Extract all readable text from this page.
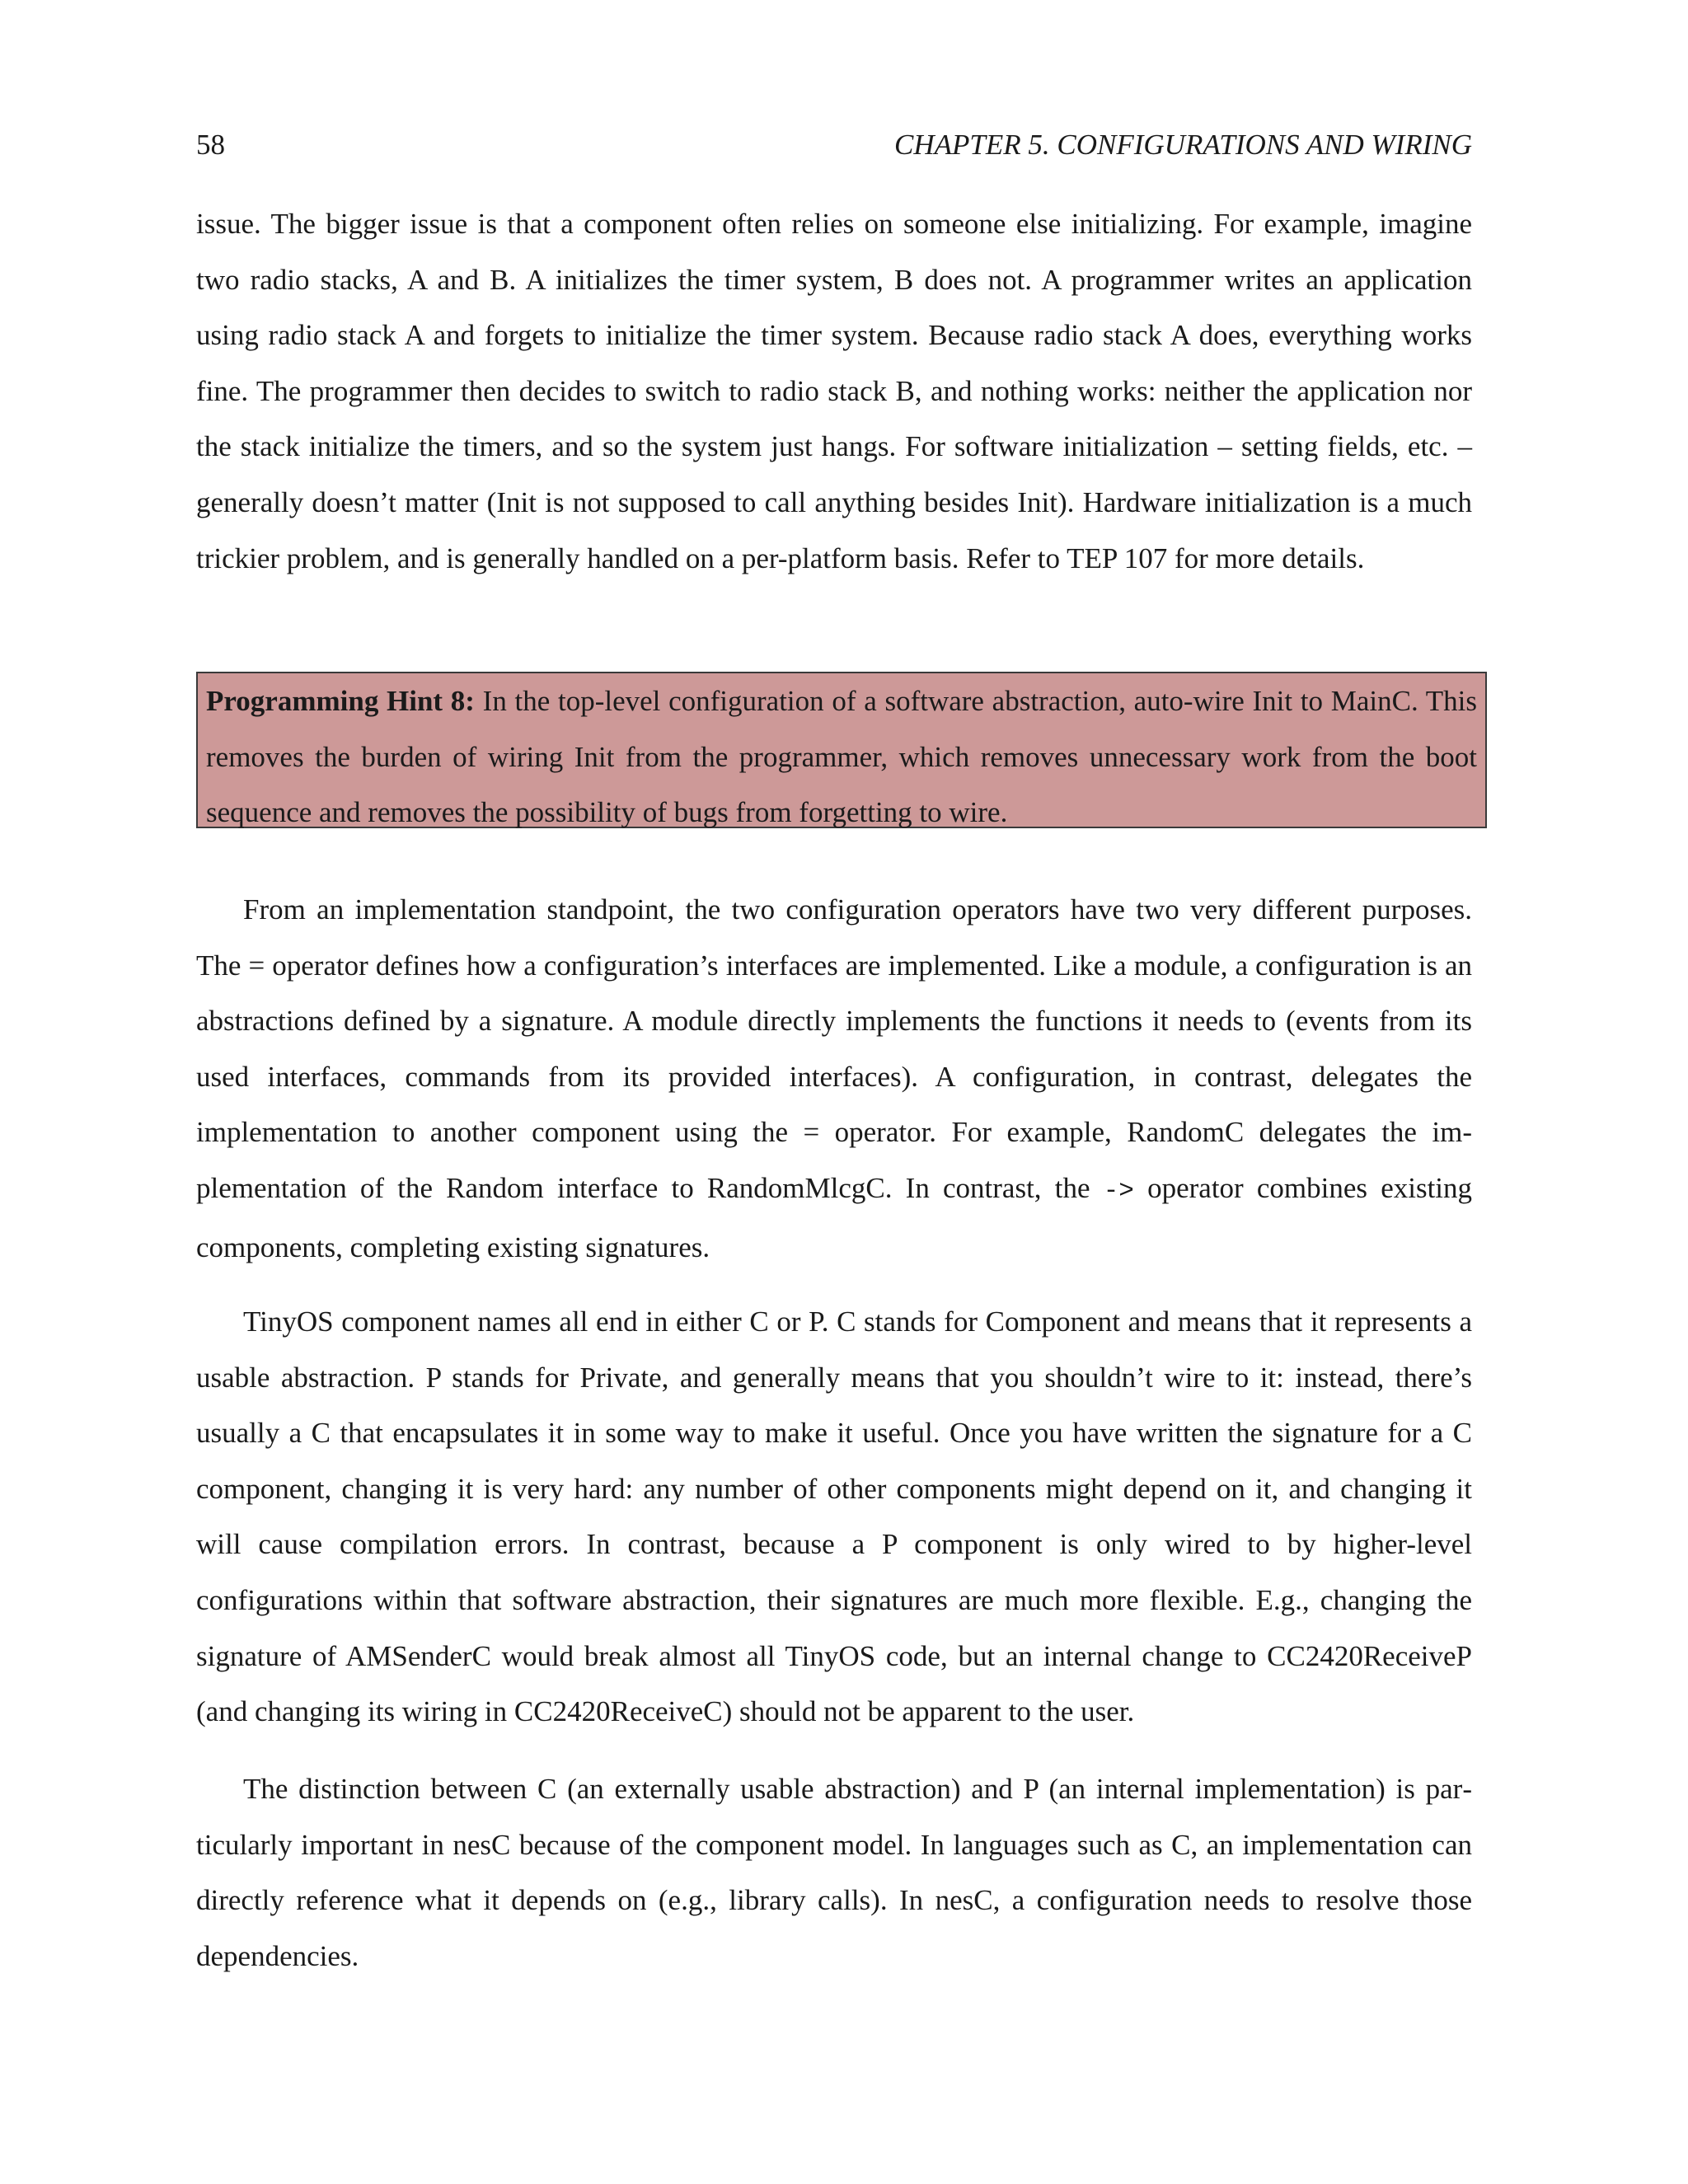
58	CHAPTER 5. CONFIGURATIONS AND WIRING

issue. The bigger issue is that a component often relies on someone else initializing. For example, imagine two radio stacks, A and B. A initializes the timer system, B does not. A programmer writes an application using radio stack A and forgets to initialize the timer system. Because radio stack A does, everything works fine. The programmer then decides to switch to radio stack B, and nothing works: neither the application nor the stack initialize the timers, and so the system just hangs. For software initialization – setting fields, etc. – generally doesn’t matter (Init is not supposed to call anything besides Init). Hardware initialization is a much trickier problem, and is generally handled on a per-platform basis. Refer to TEP 107 for more details.

Programming Hint 8: In the top-level configuration of a software abstraction, auto-wire Init to MainC. This removes the burden of wiring Init from the programmer, which removes unnecessary work from the boot sequence and removes the possibility of bugs from forgetting to wire.

From an implementation standpoint, the two configuration operators have two very different purposes. The = operator defines how a configuration’s interfaces are implemented. Like a module, a configuration is an abstractions defined by a signature. A module directly implements the functions it needs to (events from its used interfaces, commands from its provided interfaces). A configuration, in contrast, delegates the implementation to another component using the = operator. For example, RandomC delegates the implementation of the Random interface to RandomMlcgC. In contrast, the -> operator combines existing components, completing existing signatures.

TinyOS component names all end in either C or P. C stands for Component and means that it represents a usable abstraction. P stands for Private, and generally means that you shouldn’t wire to it: instead, there’s usually a C that encapsulates it in some way to make it useful. Once you have written the signature for a C component, changing it is very hard: any number of other components might depend on it, and changing it will cause compilation errors. In contrast, because a P component is only wired to by higher-level configurations within that software abstraction, their signatures are much more flexible. E.g., changing the signature of AMSenderC would break almost all TinyOS code, but an internal change to CC2420ReceiveP (and changing its wiring in CC2420ReceiveC) should not be apparent to the user.

The distinction between C (an externally usable abstraction) and P (an internal implementation) is particularly important in nesC because of the component model. In languages such as C, an implementation can directly reference what it depends on (e.g., library calls). In nesC, a configuration needs to resolve those dependencies.
